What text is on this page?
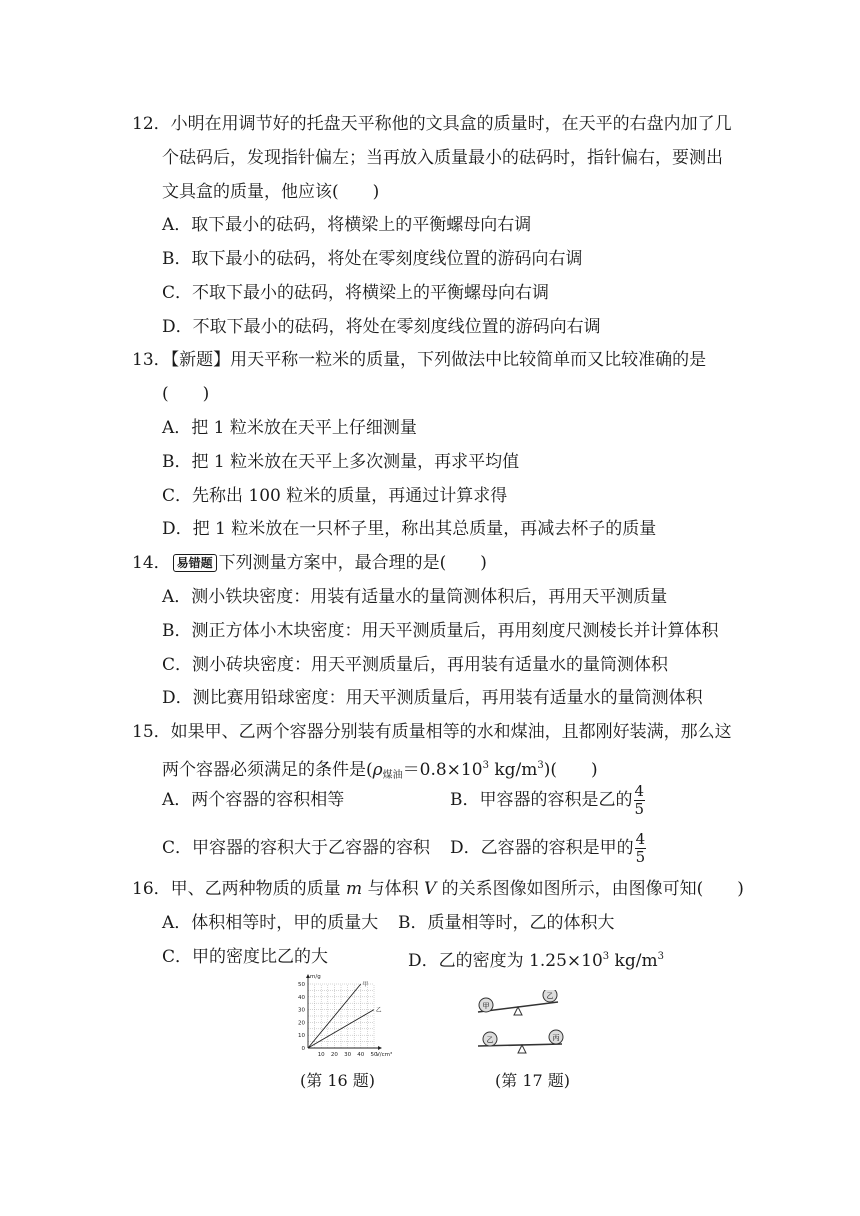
12．小明在用调节好的托盘天平称他的文具盒的质量时，在天平的右盘内加了几
个砝码后，发现指针偏左；当再放入质量最小的砝码时，指针偏右，要测出
文具盒的质量，他应该(　　)
A．取下最小的砝码，将横梁上的平衡螺母向右调
B．取下最小的砝码，将处在零刻度线位置的游码向右调
C．不取下最小的砝码，将横梁上的平衡螺母向右调
D．不取下最小的砝码，将处在零刻度线位置的游码向右调
13．【新题】用天平称一粒米的质量，下列做法中比较简单而又比较准确的是
(　　)
A．把 1 粒米放在天平上仔细测量
B．把 1 粒米放在天平上多次测量，再求平均值
C．先称出 100 粒米的质量，再通过计算求得
D．把 1 粒米放在一只杯子里，称出其总质量，再减去杯子的质量
14． 易错题 下列测量方案中，最合理的是(　　)
A．测小铁块密度：用装有适量水的量筒测体积后，再用天平测质量
B．测正方体小木块密度：用天平测质量后，再用刻度尺测棱长并计算体积
C．测小砖块密度：用天平测质量后，再用装有适量水的量筒测体积
D．测比赛用铅球密度：用天平测质量后，再用装有适量水的量筒测体积
15．如果甲、乙两个容器分别装有质量相等的水和煤油，且都刚好装满，那么这
两个容器必须满足的条件是($\rho_{煤油}=0.8\times 10^3$ $kg/m^3$)(　　)
A．两个容器的容积相等	B．甲容器的容积是乙的 $\frac{4}{5}$
C．甲容器的容积大于乙容器的容积 D．乙容器的容积是甲的 $\frac{4}{5}$
16．甲、乙两种物质的质量 m 与体积 V 的关系图像如图所示，由图像可知(　　)
A．体积相等时，甲的质量大 B．质量相等时，乙的体积大
C．甲的密度比乙的大	D．乙的密度为 $1.25\times 10^3$ $kg/m^3$
10 20 30 40 50
50
40
30
20
10
0
m/g
V/cm³
甲
乙
甲
乙
乙	丙
(第 16 题)	(第 17 题)
